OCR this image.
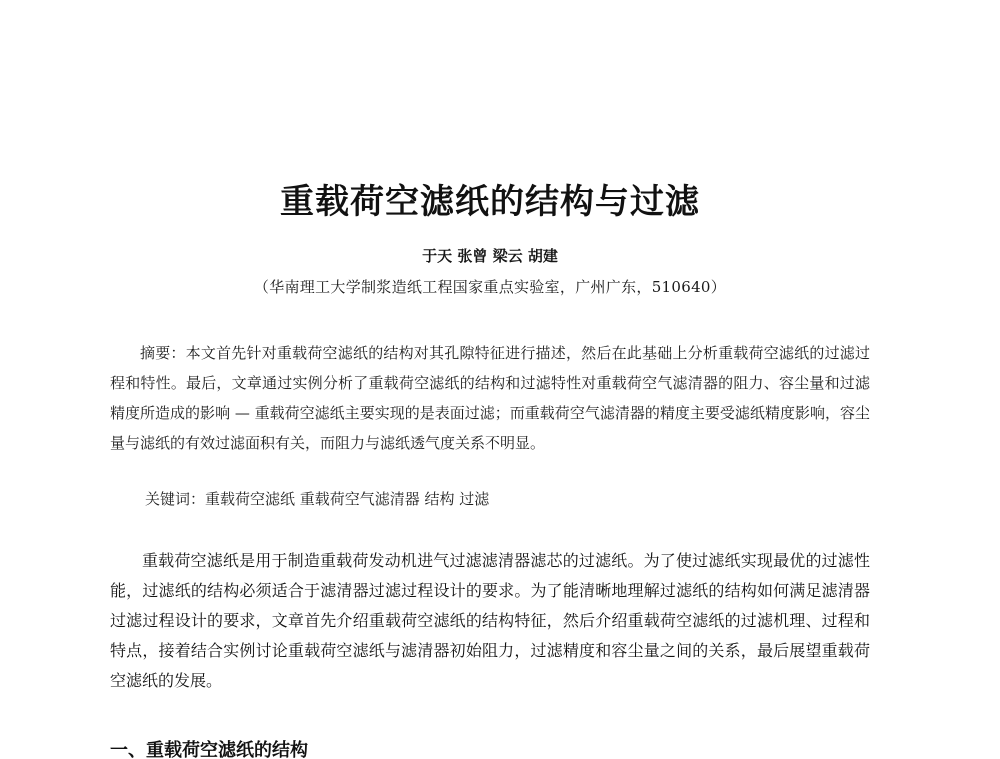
重载荷空滤纸的结构与过滤
于天 张曾 梁云 胡建
（华南理工大学制浆造纸工程国家重点实验室，广州广东，510640）

摘要：本文首先针对重载荷空滤纸的结构对其孔隙特征进行描述，然后在此基础上分析重载荷空滤纸的过滤过程和特性。最后，文章通过实例分析了重载荷空滤纸的结构和过滤特性对重载荷空气滤清器的阻力、容尘量和过滤精度所造成的影响 — 重载荷空滤纸主要实现的是表面过滤；而重载荷空气滤清器的精度主要受滤纸精度影响，容尘量与滤纸的有效过滤面积有关，而阻力与滤纸透气度关系不明显。

关键词：重载荷空滤纸 重载荷空气滤清器 结构 过滤

重载荷空滤纸是用于制造重载荷发动机进气过滤滤清器滤芯的过滤纸。为了使过滤纸实现最优的过滤性能，过滤纸的结构必须适合于滤清器过滤过程设计的要求。为了能清晰地理解过滤纸的结构如何满足滤清器过滤过程设计的要求，文章首先介绍重载荷空滤纸的结构特征，然后介绍重载荷空滤纸的过滤机理、过程和特点，接着结合实例讨论重载荷空滤纸与滤清器初始阻力，过滤精度和容尘量之间的关系，最后展望重载荷空滤纸的发展。

一、重载荷空滤纸的结构
